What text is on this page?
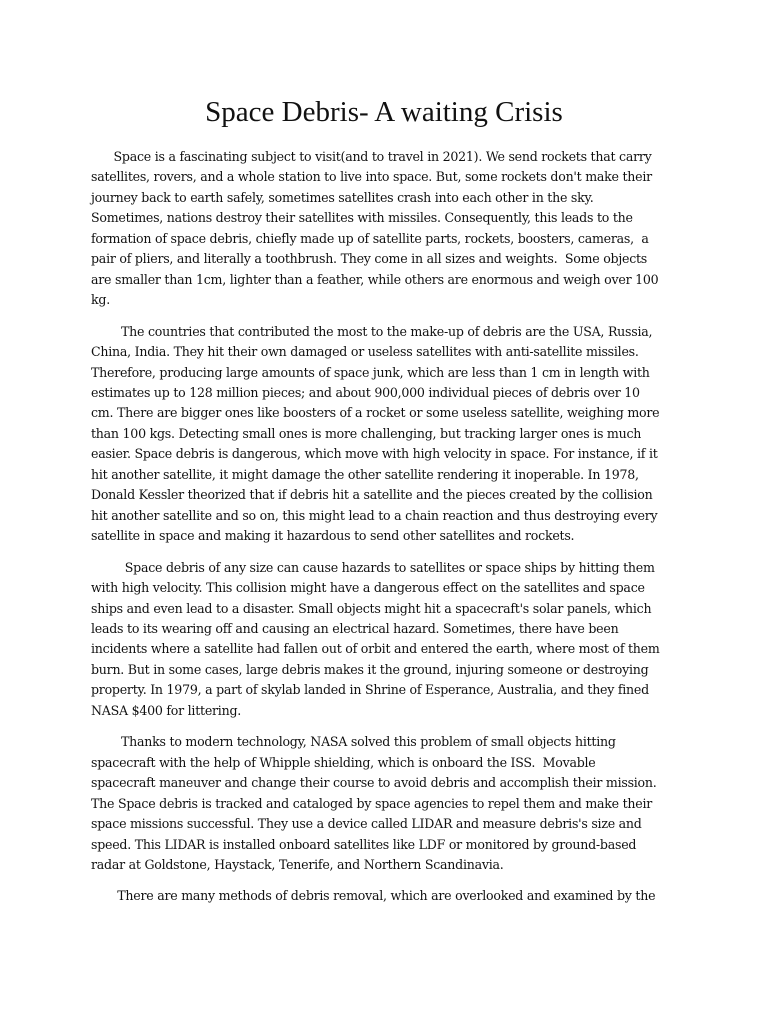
Space Debris- A waiting Crisis

Space is a fascinating subject to visit(and to travel in 2021). We send rockets that carry
satellites, rovers, and a whole station to live into space. But, some rockets don't make their
journey back to earth safely, sometimes satellites crash into each other in the sky.
Sometimes, nations destroy their satellites with missiles. Consequently, this leads to the
formation of space debris, chiefly made up of satellite parts, rockets, boosters, cameras,  a
pair of pliers, and literally a toothbrush. They come in all sizes and weights.  Some objects
are smaller than 1cm, lighter than a feather, while others are enormous and weigh over 100
kg.

The countries that contributed the most to the make-up of debris are the USA, Russia,
China, India. They hit their own damaged or useless satellites with anti-satellite missiles.
Therefore, producing large amounts of space junk, which are less than 1 cm in length with
estimates up to 128 million pieces; and about 900,000 individual pieces of debris over 10
cm. There are bigger ones like boosters of a rocket or some useless satellite, weighing more
than 100 kgs. Detecting small ones is more challenging, but tracking larger ones is much
easier. Space debris is dangerous, which move with high velocity in space. For instance, if it
hit another satellite, it might damage the other satellite rendering it inoperable. In 1978,
Donald Kessler theorized that if debris hit a satellite and the pieces created by the collision
hit another satellite and so on, this might lead to a chain reaction and thus destroying every
satellite in space and making it hazardous to send other satellites and rockets.

Space debris of any size can cause hazards to satellites or space ships by hitting them
with high velocity. This collision might have a dangerous effect on the satellites and space
ships and even lead to a disaster. Small objects might hit a spacecraft's solar panels, which
leads to its wearing off and causing an electrical hazard. Sometimes, there have been
incidents where a satellite had fallen out of orbit and entered the earth, where most of them
burn. But in some cases, large debris makes it the ground, injuring someone or destroying
property. In 1979, a part of skylab landed in Shrine of Esperance, Australia, and they fined
NASA $400 for littering.

Thanks to modern technology, NASA solved this problem of small objects hitting
spacecraft with the help of Whipple shielding, which is onboard the ISS.  Movable
spacecraft maneuver and change their course to avoid debris and accomplish their mission.
The Space debris is tracked and cataloged by space agencies to repel them and make their
space missions successful. They use a device called LIDAR and measure debris's size and
speed. This LIDAR is installed onboard satellites like LDF or monitored by ground-based
radar at Goldstone, Haystack, Tenerife, and Northern Scandinavia.

There are many methods of debris removal, which are overlooked and examined by the
